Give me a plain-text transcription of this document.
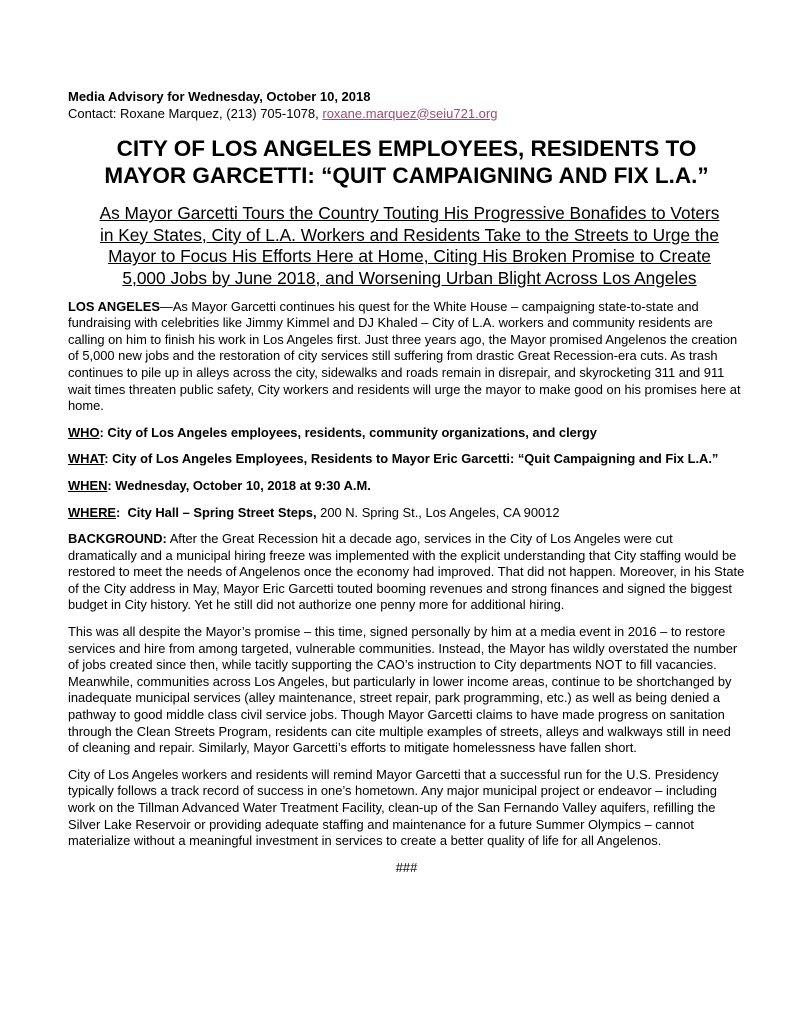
Media Advisory for Wednesday, October 10, 2018

Contact: Roxane Marquez, (213) 705-1078, roxane.marquez@seiu721.org

CITY OF LOS ANGELES EMPLOYEES, RESIDENTS TO
MAYOR GARCETTI: “QUIT CAMPAIGNING AND FIX L.A.”
As Mayor Garcetti Tours the Country Touting His Progressive Bonafides to Voters
in Key States, City of L.A. Workers and Residents Take to the Streets to Urge the
Mayor to Focus His Efforts Here at Home, Citing His Broken Promise to Create
5,000 Jobs by June 2018, and Worsening Urban Blight Across Los Angeles

LOS ANGELES—As Mayor Garcetti continues his quest for the White House – campaigning state-to-state and fundraising with celebrities like Jimmy Kimmel and DJ Khaled – City of L.A. workers and community residents are calling on him to finish his work in Los Angeles first. Just three years ago, the Mayor promised Angelenos the creation of 5,000 new jobs and the restoration of city services still suffering from drastic Great Recession-era cuts. As trash continues to pile up in alleys across the city, sidewalks and roads remain in disrepair, and skyrocketing 311 and 911 wait times threaten public safety, City workers and residents will urge the mayor to make good on his promises here at home.

WHO: City of Los Angeles employees, residents, community organizations, and clergy

WHAT: City of Los Angeles Employees, Residents to Mayor Eric Garcetti: “Quit Campaigning and Fix L.A.”

WHEN: Wednesday, October 10, 2018 at 9:30 A.M.

WHERE:  City Hall – Spring Street Steps, 200 N. Spring St., Los Angeles, CA 90012

BACKGROUND: After the Great Recession hit a decade ago, services in the City of Los Angeles were cut dramatically and a municipal hiring freeze was implemented with the explicit understanding that City staffing would be restored to meet the needs of Angelenos once the economy had improved. That did not happen. Moreover, in his State of the City address in May, Mayor Eric Garcetti touted booming revenues and strong finances and signed the biggest budget in City history. Yet he still did not authorize one penny more for additional hiring.

This was all despite the Mayor’s promise – this time, signed personally by him at a media event in 2016 – to restore services and hire from among targeted, vulnerable communities. Instead, the Mayor has wildly overstated the number of jobs created since then, while tacitly supporting the CAO’s instruction to City departments NOT to fill vacancies. Meanwhile, communities across Los Angeles, but particularly in lower income areas, continue to be shortchanged by inadequate municipal services (alley maintenance, street repair, park programming, etc.) as well as being denied a pathway to good middle class civil service jobs. Though Mayor Garcetti claims to have made progress on sanitation through the Clean Streets Program, residents can cite multiple examples of streets, alleys and walkways still in need of cleaning and repair. Similarly, Mayor Garcetti’s efforts to mitigate homelessness have fallen short.

City of Los Angeles workers and residents will remind Mayor Garcetti that a successful run for the U.S. Presidency typically follows a track record of success in one’s hometown. Any major municipal project or endeavor – including work on the Tillman Advanced Water Treatment Facility, clean-up of the San Fernando Valley aquifers, refilling the Silver Lake Reservoir or providing adequate staffing and maintenance for a future Summer Olympics – cannot materialize without a meaningful investment in services to create a better quality of life for all Angelenos.

###
